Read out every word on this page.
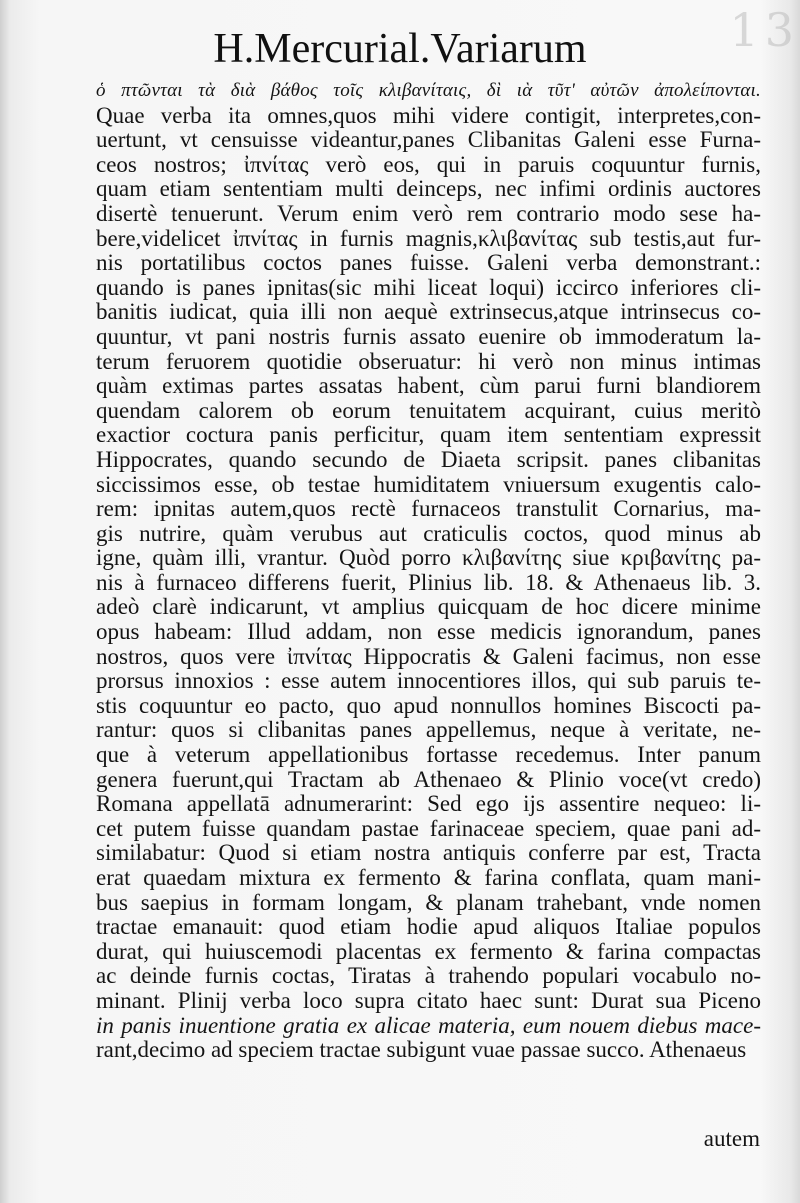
13
H.Mercurial.Variarum
ὁ πτῶνται τὰ διὰ βάθος τοῖς κλιβανίταις, δὶ ιὰ τῦτ' αὐτῶν ἀπολείπονται.
Quae verba ita omnes,quos mihi videre contigit, interpretes,con-
uertunt, vt censuisse videantur,panes Clibanitas Galeni esse Furna-
ceos nostros; ἰπνίτας verò eos, qui in paruis coquuntur furnis,
quam etiam sententiam multi deinceps, nec infimi ordinis auctores
disertè tenuerunt. Verum enim verò rem contrario modo sese ha-
bere,videlicet ἰπνίτας in furnis magnis,κλιβανίτας sub testis,aut fur-
nis portatilibus coctos panes fuisse. Galeni verba demonstrant.:
quando is panes ipnitas(sic mihi liceat loqui) iccirco inferiores cli-
banitis iudicat, quia illi non aequè extrinsecus,atque intrinsecus co-
quuntur, vt pani nostris furnis assato euenire ob immoderatum la-
terum feruorem quotidie obseruatur: hi verò non minus intimas
quàm extimas partes assatas habent, cùm parui furni blandiorem
quendam calorem ob eorum tenuitatem acquirant, cuius meritò
exactior coctura panis perficitur, quam item sententiam expressit
Hippocrates, quando secundo de Diaeta scripsit. panes clibanitas
siccissimos esse, ob testae humiditatem vniuersum exugentis calo-
rem: ipnitas autem,quos rectè furnaceos transtulit Cornarius, ma-
gis nutrire, quàm verubus aut craticulis coctos, quod minus ab
igne, quàm illi, vrantur. Quòd porro κλιβανίτης siue κριβανίτης pa-
nis à furnaceo differens fuerit, Plinius lib. 18. & Athenaeus lib. 3.
adeò clarè indicarunt, vt amplius quicquam de hoc dicere minime
opus habeam: Illud addam, non esse medicis ignorandum, panes
nostros, quos vere ἰπνίτας Hippocratis & Galeni facimus, non esse
prorsus innoxios : esse autem innocentiores illos, qui sub paruis te-
stis coquuntur eo pacto, quo apud nonnullos homines Biscocti pa-
rantur: quos si clibanitas panes appellemus, neque à veritate, ne-
que à veterum appellationibus fortasse recedemus. Inter panum
genera fuerunt,qui Tractam ab Athenaeo & Plinio voce(vt credo)
Romana appellatā adnumerarint: Sed ego ijs assentire nequeo: li-
cet putem fuisse quandam pastae farinaceae speciem, quae pani ad-
similabatur: Quod si etiam nostra antiquis conferre par est, Tracta
erat quaedam mixtura ex fermento & farina conflata, quam mani-
bus saepius in formam longam, & planam trahebant, vnde nomen
tractae emanauit: quod etiam hodie apud aliquos Italiae populos
durat, qui huiuscemodi placentas ex fermento & farina compactas
ac deinde furnis coctas, Tiratas à trahendo populari vocabulo no-
minant. Plinij verba loco supra citato haec sunt: Durat sua Piceno
in panis inuentione gratia ex alicae materia, eum nouem diebus mace-
rant,decimo ad speciem tractae subigunt vuae passae succo. Athenaeus
autem
